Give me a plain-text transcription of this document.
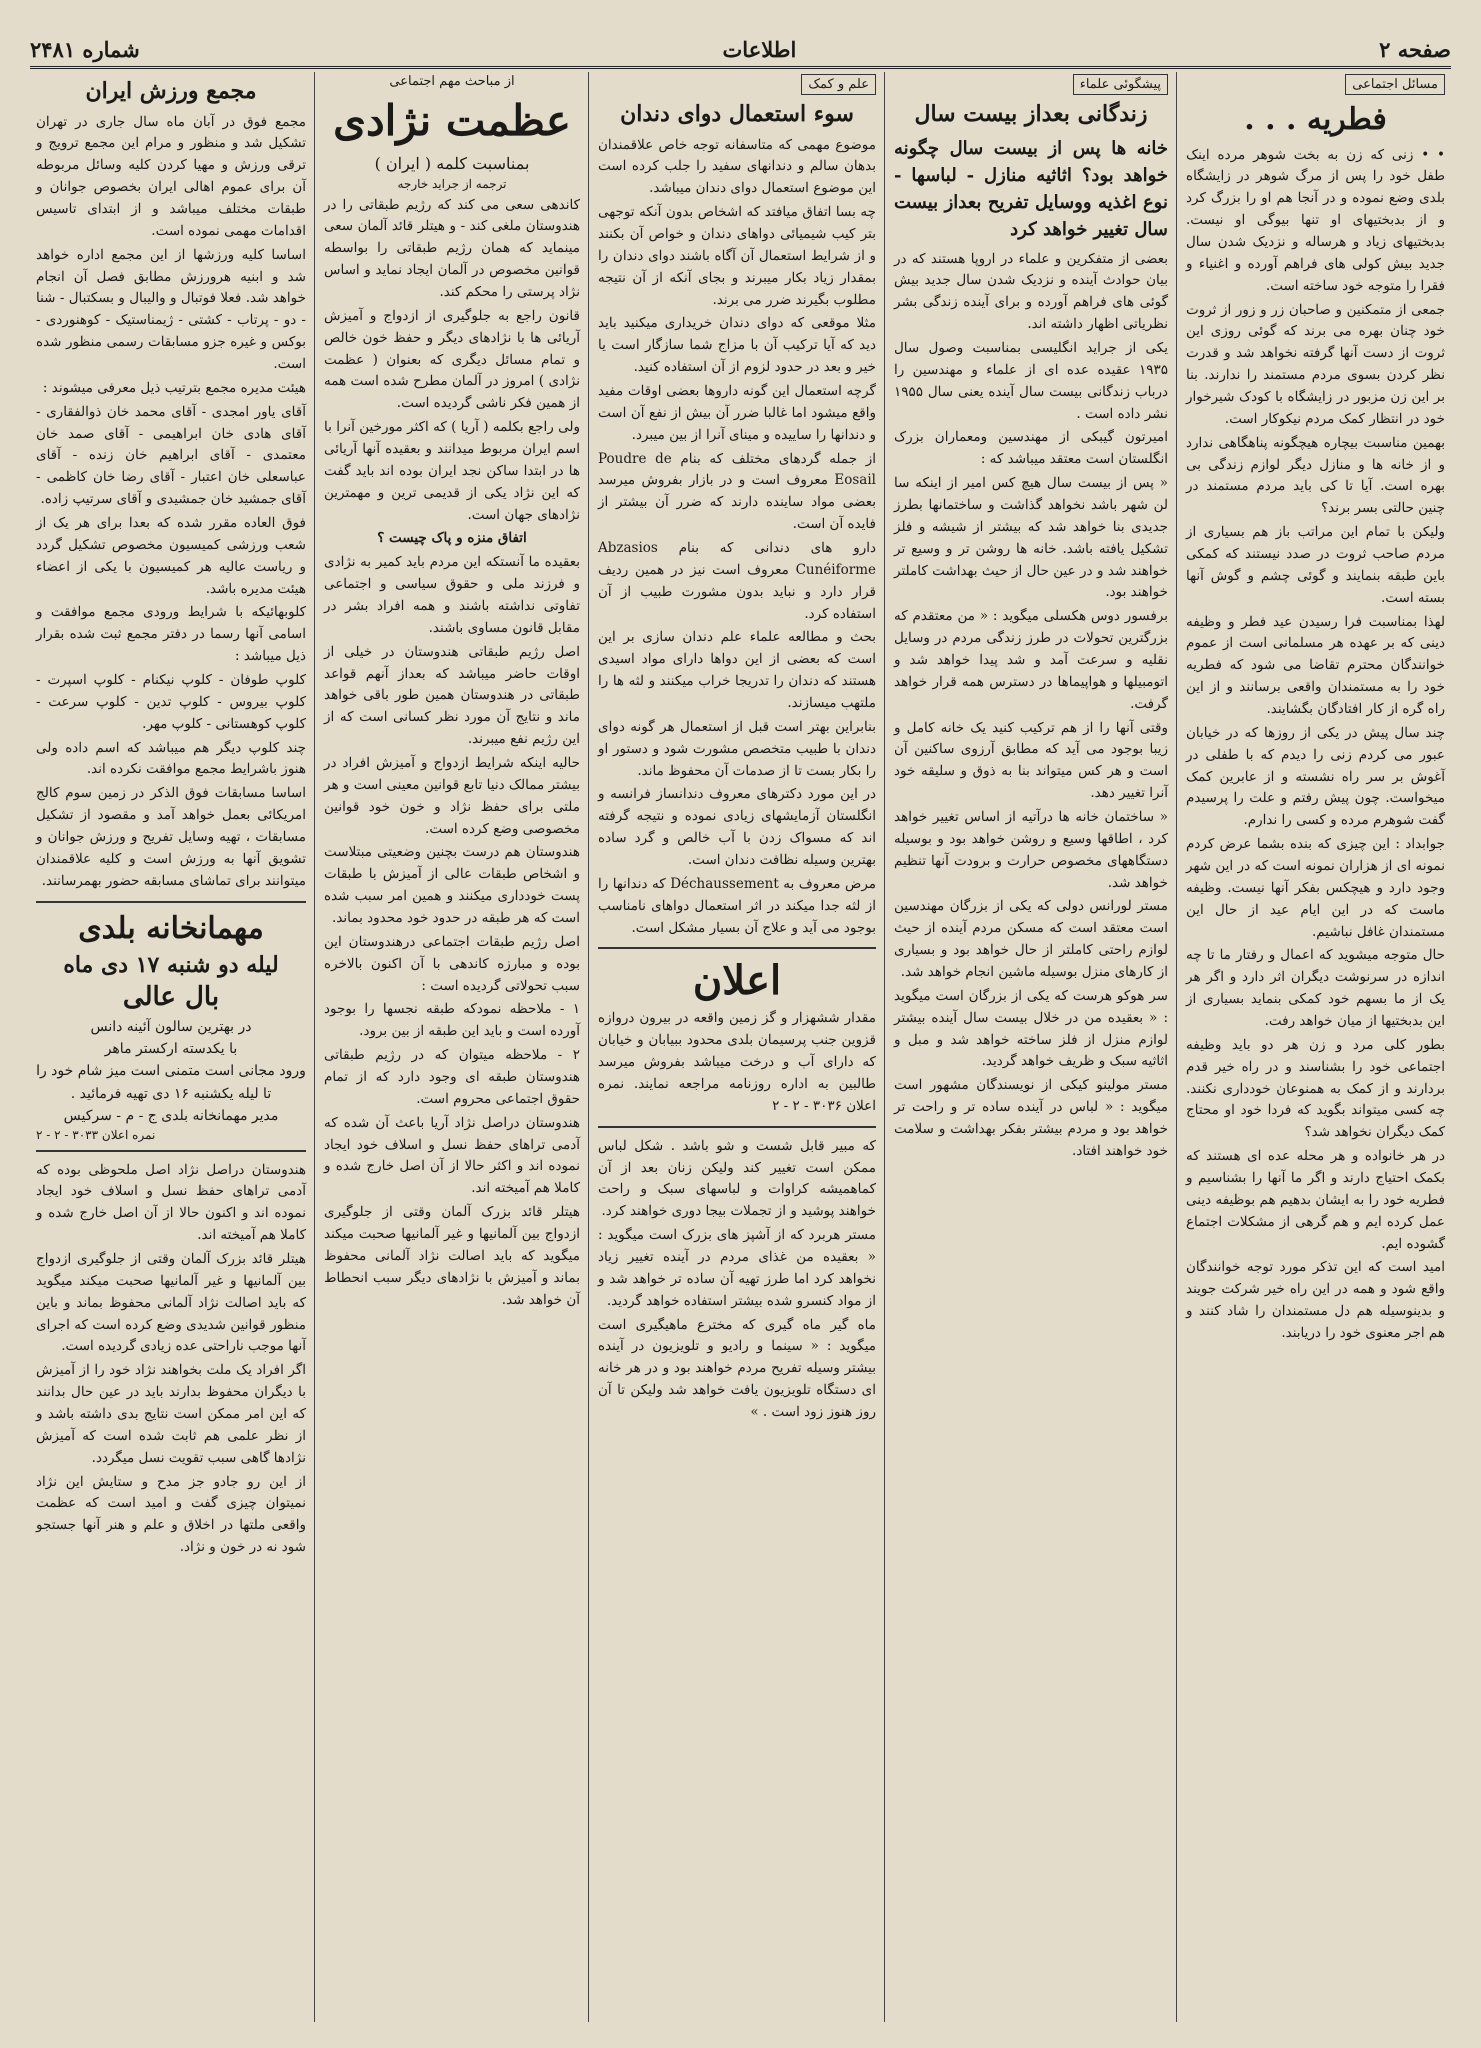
صفحه ۲
اطلاعات
شماره ۲۴۸۱
مسائل اجتماعی
فطریه . . .

• • زنی که زن به بخت شوهر مرده اینک طفل خود را پس از مرگ شوهر در زایشگاه بلدی وضع نموده و در آنجا هم او را بزرگ کرد و از بدبختیهای او تنها بیوگی او نیست. بدبختیهای زیاد و هرساله و نزدیک شدن سال جدید بیش کولی های فراهم آورده و اغنیاء و فقرا را متوجه خود ساخته است.

جمعی از متمکنین و صاحبان زر و زور از ثروت خود چنان بهره می برند که گوئی روزی این ثروت از دست آنها گرفته نخواهد شد و قدرت نظر کردن بسوی مردم مستمند را ندارند. بنا بر این زن مزبور در زایشگاه با کودک شیرخوار خود در انتظار کمک مردم نیکوکار است.

بهمین مناسبت بیچاره هیچگونه پناهگاهی ندارد و از خانه ها و منازل دیگر لوازم زندگی بی بهره است. آیا تا کی باید مردم مستمند در چنین حالتی بسر برند؟

ولیکن با تمام این مراتب باز هم بسیاری از مردم صاحب ثروت در صدد نیستند که کمکی باین طبقه بنمایند و گوئی چشم و گوش آنها بسته است.

لهذا بمناسبت فرا رسیدن عید فطر و وظیفه دینی که بر عهده هر مسلمانی است از عموم خوانندگان محترم تقاضا می شود که فطریه خود را به مستمندان واقعی برسانند و از این راه گره از کار افتادگان بگشایند.

چند سال پیش در یکی از روزها که در خیابان عبور می کردم زنی را دیدم که با طفلی در آغوش بر سر راه نشسته و از عابرین کمک میخواست. چون پیش رفتم و علت را پرسیدم گفت شوهرم مرده و کسی را ندارم.

جوابداد : این چیزی که بنده بشما عرض کردم نمونه ای از هزاران نمونه است که در این شهر وجود دارد و هیچکس بفکر آنها نیست. وظیفه ماست که در این ایام عید از حال این مستمندان غافل نباشیم.

حال متوجه میشوید که اعمال و رفتار ما تا چه اندازه در سرنوشت دیگران اثر دارد و اگر هر یک از ما بسهم خود کمکی بنماید بسیاری از این بدبختیها از میان خواهد رفت.

بطور کلی مرد و زن هر دو باید وظیفه اجتماعی خود را بشناسند و در راه خیر قدم بردارند و از کمک به همنوعان خودداری نکنند. چه کسی میتواند بگوید که فردا خود او محتاج کمک دیگران نخواهد شد؟

در هر خانواده و هر محله عده ای هستند که بکمک احتیاج دارند و اگر ما آنها را بشناسیم و فطریه خود را به ایشان بدهیم هم بوظیفه دینی عمل کرده ایم و هم گرهی از مشکلات اجتماع گشوده ایم.

امید است که این تذکر مورد توجه خوانندگان واقع شود و همه در این راه خیر شرکت جویند و بدینوسیله هم دل مستمندان را شاد کنند و هم اجر معنوی خود را دریابند.

پیشگوئی علماء
زندگانی بعداز بیست سال
خانه ها پس از بیست سال چگونه خواهد بود؟ اثاثیه منازل - لباسها - نوع اغذیه ووسایل تفریح بعداز بیست سال تغییر خواهد کرد

بعضی از متفکرین و علماء در اروپا هستند که در بیان حوادث آینده و نزدیک شدن سال جدید بیش گوئی های فراهم آورده و برای آینده زندگی بشر نظریاتی اظهار داشته اند.

یکی از جراید انگلیسی بمناسبت وصول سال ۱۹۳۵ عقیده عده ای از علماء و مهندسین را درباب زندگانی بیست سال آینده یعنی سال ۱۹۵۵ نشر داده است .

امیرتون گیبکی از مهندسین ومعماران بزرک انگلستان است معتقد میباشد که :

« پس از بیست سال هیچ کس امیر از اینکه سا لن شهر باشد نخواهد گذاشت و ساختمانها بطرز جدیدی بنا خواهد شد که بیشتر از شیشه و فلز تشکیل یافته باشد. خانه ها روشن تر و وسیع تر خواهند شد و در عین حال از حیث بهداشت کاملتر خواهند بود.

برفسور دوس هکسلی میگوید : « من معتقدم که بزرگترین تحولات در طرز زندگی مردم در وسایل نقلیه و سرعت آمد و شد پیدا خواهد شد و اتومبیلها و هواپیماها در دسترس همه قرار خواهد گرفت.

وقتی آنها را از هم ترکیب کنید یک خانه کامل و زیبا بوجود می آید که مطابق آرزوی ساکنین آن است و هر کس میتواند بنا به ذوق و سلیقه خود آنرا تغییر دهد.

« ساختمان خانه ها درآتیه از اساس تغییر خواهد کرد ، اطاقها وسیع و روشن خواهد بود و بوسیله دستگاههای مخصوص حرارت و برودت آنها تنظیم خواهد شد.

مستر لورانس دولی که یکی از بزرگان مهندسین است معتقد است که مسکن مردم آینده از حیث لوازم راحتی کاملتر از حال خواهد بود و بسیاری از کارهای منزل بوسیله ماشین انجام خواهد شد.

سر هوکو هرست که یکی از بزرگان است میگوید : « بعقیده من در خلال بیست سال آینده بیشتر لوازم منزل از فلز ساخته خواهد شد و مبل و اثاثیه سبک و ظریف خواهد گردید.

مستر مولینو کیکی از نویسندگان مشهور است میگوید : « لباس در آینده ساده تر و راحت تر خواهد بود و مردم بیشتر بفکر بهداشت و سلامت خود خواهند افتاد.

علم و کمک
سوء استعمال دوای دندان

موضوع مهمی که متاسفانه توجه خاص علاقمندان بدهان سالم و دندانهای سفید را جلب کرده است این موضوع استعمال دوای دندان میباشد.

چه بسا اتفاق میافتد که اشخاص بدون آنکه توجهی بتر کیب شیمیائی دواهای دندان و خواص آن بکنند و از شرایط استعمال آن آگاه باشند دوای دندان را بمقدار زیاد بکار میبرند و بجای آنکه از آن نتیجه مطلوب بگیرند ضرر می برند.

مثلا موقعی که دوای دندان خریداری میکنید باید دید که آیا ترکیب آن با مزاج شما سازگار است یا خیر و بعد در حدود لزوم از آن استفاده کنید.

گرچه استعمال این گونه داروها بعضی اوقات مفید واقع میشود اما غالبا ضرر آن بیش از نفع آن است و دندانها را ساییده و مینای آنرا از بین میبرد.

از جمله گردهای مختلف که بنام Poudre de Eosail معروف است و در بازار بفروش میرسد بعضی مواد ساینده دارند که ضرر آن بیشتر از فایده آن است.

دارو های دندانی که بنام Abzasios Cunéiforme معروف است نیز در همین ردیف قرار دارد و نباید بدون مشورت طبیب از آن استفاده کرد.

بحث و مطالعه علماء علم دندان سازی بر این است که بعضی از این دواها دارای مواد اسیدی هستند که دندان را تدریجا خراب میکنند و لثه ها را ملتهب میسازند.

بنابراین بهتر است قبل از استعمال هر گونه دوای دندان با طبیب متخصص مشورت شود و دستور او را بکار بست تا از صدمات آن محفوظ ماند.

در این مورد دکترهای معروف دندانساز فرانسه و انگلستان آزمایشهای زیادی نموده و نتیجه گرفته اند که مسواک زدن با آب خالص و گرد ساده بهترین وسیله نظافت دندان است.

مرض معروف به Déchaussement که دندانها را از لثه جدا میکند در اثر استعمال دواهای نامناسب بوجود می آید و علاج آن بسیار مشکل است.

اعلان
مقدار ششهزار و گز زمین واقعه در بیرون دروازه قزوین جنب پرسیمان بلدی محدود ببیابان و خیابان که دارای آب و درخت میباشد بفروش میرسد طالبین به اداره روزنامه مراجعه نمایند. نمره اعلان ۳۰۳۶ - ۲ - ۲

که مبیر قابل شست و شو باشد . شکل لباس ممکن است تغییر کند ولیکن زنان بعد از آن کماهمیشه کراوات و لباسهای سبک و راحت خواهند پوشید و از تجملات بیجا دوری خواهند کرد.

مستر هربرد که از آشپز های بزرک است میگوید : « بعقیده من غذای مردم در آینده تغییر زیاد نخواهد کرد اما طرز تهیه آن ساده تر خواهد شد و از مواد کنسرو شده بیشتر استفاده خواهد گردید.

ماه گیر ماه گیری که مخترع ماهیگیری است میگوید : « سینما و رادیو و تلویزیون در آینده بیشتر وسیله تفریح مردم خواهند بود و در هر خانه ای دستگاه تلویزیون یافت خواهد شد ولیکن تا آن روز هنوز زود است . »

از مباحث مهم اجتماعی
عظمت نژادی
بمناسبت کلمه ( ایران )
ترجمه از جراید خارجه

کاندهی سعی می کند که رژیم طبقاتی را در هندوستان ملغی کند - و هیتلر قائد آلمان سعی مینماید که همان رژیم طبقاتی را بواسطه قوانین مخصوص در آلمان ایجاد نماید و اساس نژاد پرستی را محکم کند.

قانون راجع به جلوگیری از ازدواج و آمیزش آریائی ها با نژادهای دیگر و حفظ خون خالص و تمام مسائل دیگری که بعنوان ( عظمت نژادی ) امروز در آلمان مطرح شده است همه از همین فکر ناشی گردیده است.

ولی راجع بکلمه ( آریا ) که اکثر مورخین آنرا با اسم ایران مربوط میدانند و بعقیده آنها آریائی ها در ابتدا ساکن نجد ایران بوده اند باید گفت که این نژاد یکی از قدیمی ترین و مهمترین نژادهای جهان است.

اتفاق منزه و پاک چیست ؟

بعقیده ما آنستکه این مردم باید کمیر به نژادی و فرزند ملی و حقوق سیاسی و اجتماعی تفاوتی نداشته باشند و همه افراد بشر در مقابل قانون مساوی باشند.

اصل رژیم طبقاتی هندوستان در خیلی از اوقات حاضر میباشد که بعداز آنهم قواعد طبقاتی در هندوستان همین طور باقی خواهد ماند و نتایج آن مورد نظر کسانی است که از این رژیم نفع میبرند.

حالیه اینکه شرایط ازدواج و آمیزش افراد در بیشتر ممالک دنیا تابع قوانین معینی است و هر ملتی برای حفظ نژاد و خون خود قوانین مخصوصی وضع کرده است.

هندوستان هم درست بچنین وضعیتی مبتلاست و اشخاص طبقات عالی از آمیزش با طبقات پست خودداری میکنند و همین امر سبب شده است که هر طبقه در حدود خود محدود بماند.

اصل رژیم طبقات اجتماعی درهندوستان این بوده و مبارزه کاندهی با آن اکنون بالاخره سبب تحولاتی گردیده است :

۱ - ملاحظه نمودکه طبقه نجسها را بوجود آورده است و باید این طبقه از بین برود.

۲ - ملاحظه میتوان که در رژیم طبقاتی هندوستان طبقه ای وجود دارد که از تمام حقوق اجتماعی محروم است.

هندوستان دراصل نژاد آریا باعث آن شده که آدمی تراهای حفظ نسل و اسلاف خود ایجاد نموده اند و اکثر حالا از آن اصل خارج شده و کاملا هم آمیخته اند.

هیتلر قائد بزرک آلمان وقتی از جلوگیری ازدواج بین آلمانیها و غیر آلمانیها صحبت میکند میگوید که باید اصالت نژاد آلمانی محفوظ بماند و آمیزش با نژادهای دیگر سبب انحطاط آن خواهد شد.

مجمع ورزش ایران

مجمع فوق در آبان ماه سال جاری در تهران تشکیل شد و منظور و مرام این مجمع ترویج و ترقی ورزش و مهیا کردن کلیه وسائل مربوطه آن برای عموم اهالی ایران بخصوص جوانان و طبقات مختلف میباشد و از ابتدای تاسیس اقدامات مهمی نموده است.

اساسا کلیه ورزشها از این مجمع اداره خواهد شد و ابنیه هرورزش مطابق فصل آن انجام خواهد شد. فعلا فوتبال و والیبال و بسکتبال - شنا - دو - پرتاب - کشتی - ژیمناستیک - کوهنوردی - بوکس و غیره جزو مسابقات رسمی منظور شده است.

هیئت مدیره مجمع بترتیب ذیل معرفی میشوند :

آقای یاور امجدی - آقای محمد خان ذوالفقاری - آقای هادی خان ابراهیمی - آقای صمد خان معتمدی - آقای ابراهیم خان زنده - آقای عباسعلی خان اعتبار - آقای رضا خان کاظمی - آقای جمشید خان جمشیدی و آقای سرتیپ زاده.

فوق العاده مقرر شده که بعدا برای هر یک از شعب ورزشی کمیسیون مخصوص تشکیل گردد و ریاست عالیه هر کمیسیون با یکی از اعضاء هیئت مدیره باشد.

کلوبهائیکه با شرایط ورودی مجمع موافقت و اسامی آنها رسما در دفتر مجمع ثبت شده بقرار ذیل میباشد :

کلوپ طوفان - کلوپ نیکنام - کلوپ اسپرت - کلوپ بیروس - کلوپ تدین - کلوپ سرعت - کلوپ کوهستانی - کلوپ مهر.

چند کلوپ دیگر هم میباشد که اسم داده ولی هنوز باشرایط مجمع موافقت نکرده اند.

اساسا مسابقات فوق الذکر در زمین سوم کالج امریکائی بعمل خواهد آمد و مقصود از تشکیل مسابقات ، تهیه وسایل تفریح و ورزش جوانان و تشویق آنها به ورزش است و کلیه علاقمندان میتوانند برای تماشای مسابقه حضور بهمرسانند.

مهمانخانه بلدی
لیله دو شنبه ۱۷ دی ماه
بال عالی
در بهترین سالون آئینه دانس
با یکدسته ارکستر ماهر
ورود مجانی است متمنی است میز شام خود را تا لیله یکشنبه ۱۶ دی تهیه فرمائید .
مدیر مهمانخانه بلدی ج - م - سرکیس
نمره اعلان ۳۰۳۳ - ۲ - ۲

هندوستان دراصل نژاد اصل ملحوظی بوده که آدمی تراهای حفظ نسل و اسلاف خود ایجاد نموده اند و اکنون حالا از آن اصل خارج شده و کاملا هم آمیخته اند.

هیتلر قائد بزرک آلمان وقتی از جلوگیری ازدواج بین آلمانیها و غیر آلمانیها صحبت میکند میگوید که باید اصالت نژاد آلمانی محفوظ بماند و باین منظور قوانین شدیدی وضع کرده است که اجرای آنها موجب ناراحتی عده زیادی گردیده است.

اگر افراد یک ملت بخواهند نژاد خود را از آمیزش با دیگران محفوظ بدارند باید در عین حال بدانند که این امر ممکن است نتایج بدی داشته باشد و از نظر علمی هم ثابت شده است که آمیزش نژادها گاهی سبب تقویت نسل میگردد.

از این رو جادو جز مدح و ستایش این نژاد نمیتوان چیزی گفت و امید است که عظمت واقعی ملتها در اخلاق و علم و هنر آنها جستجو شود نه در خون و نژاد.
